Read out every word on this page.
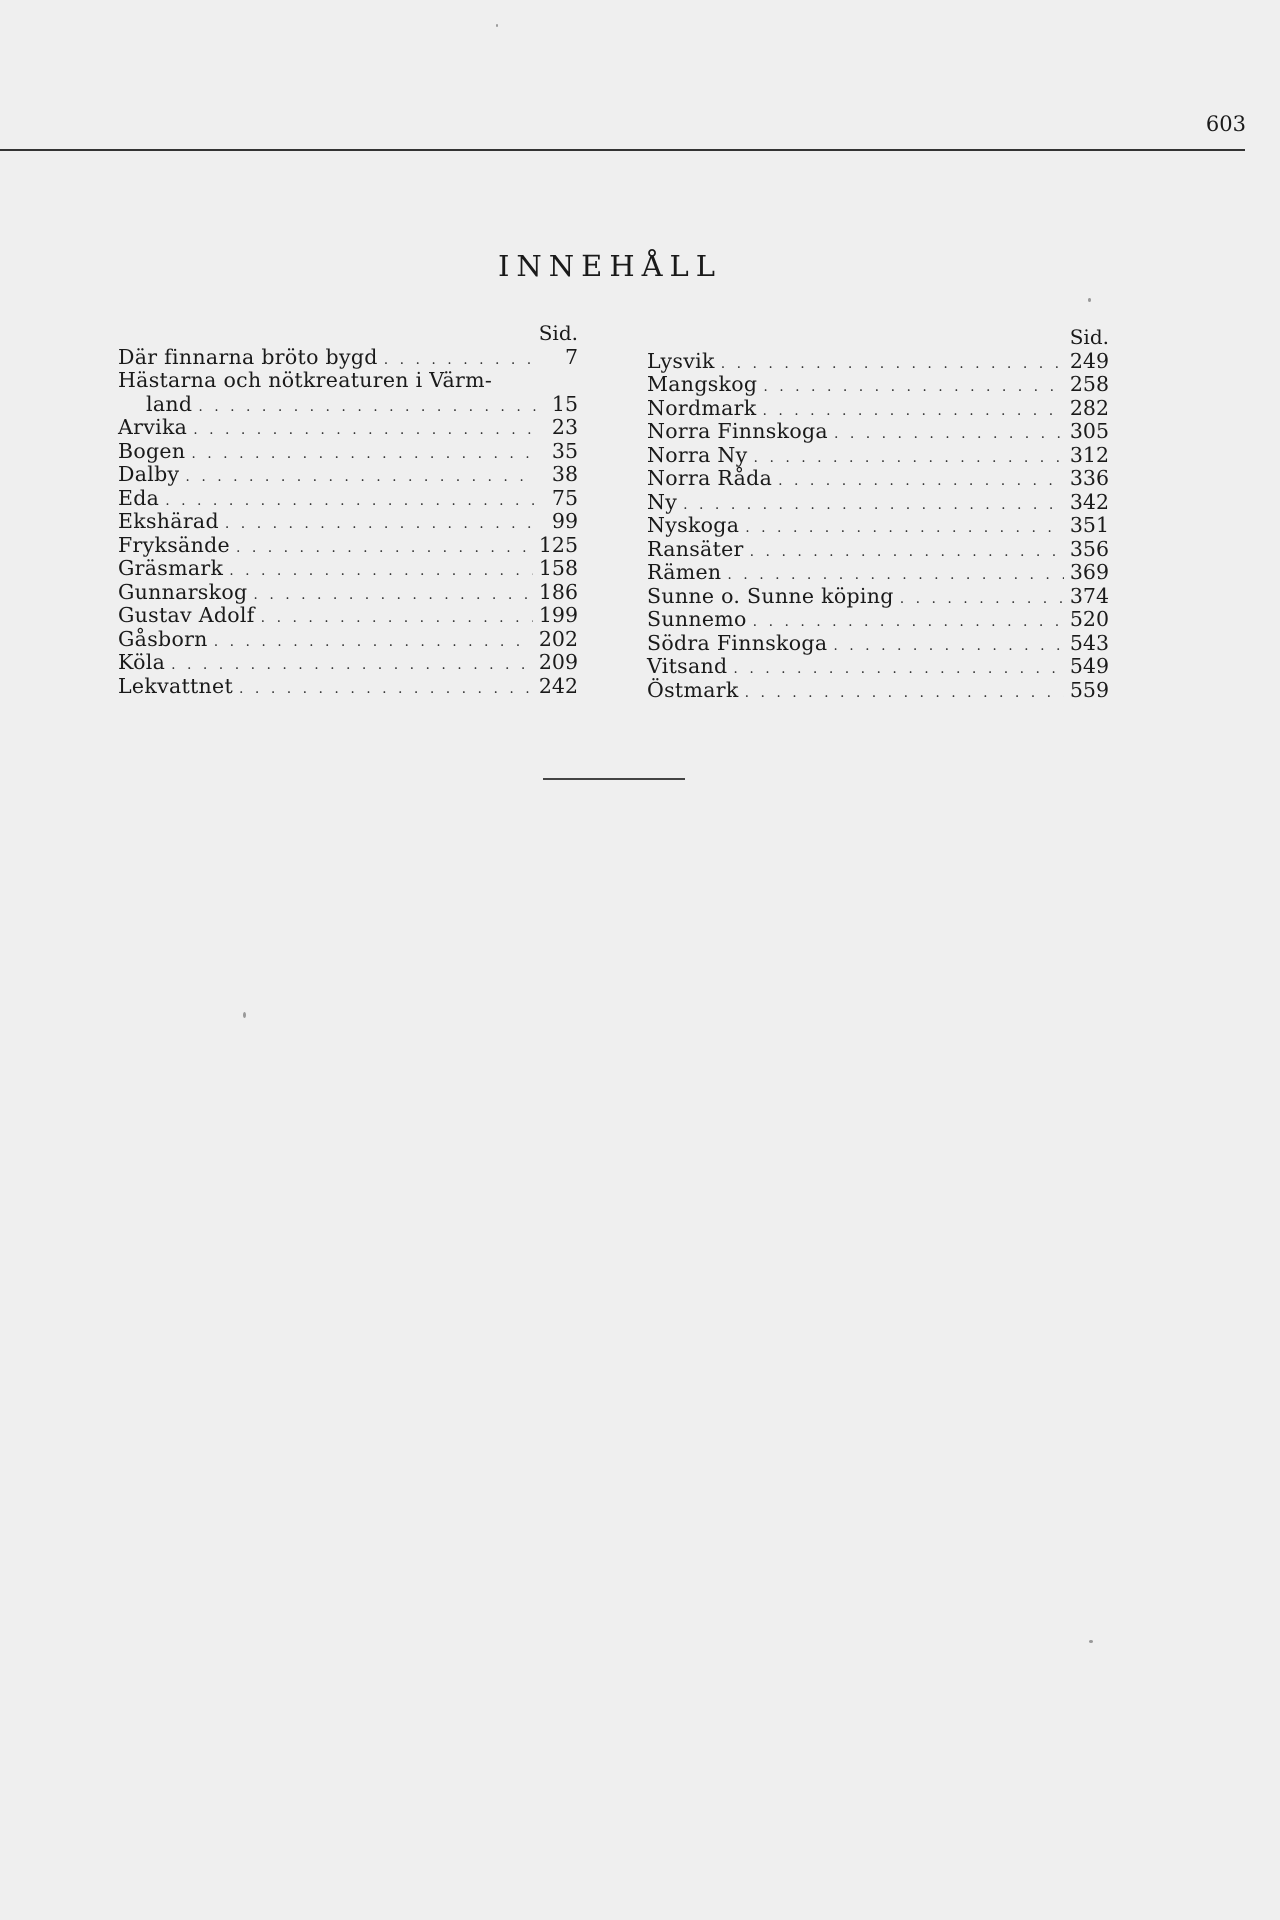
603
INNEHÅLL
Sid.
Där finnarna bröto bygd . . .	7
Hästarna och nötkreaturen i Värm-
land . . .	15
Arvika . . .	23
Bogen . . .	35
Dalby . . .	38
Eda . . .	75
Ekshärad . . .	99
Fryksände . . .	125
Gräsmark . . .	158
Gunnarskog . . .	186
Gustav Adolf . . .	199
Gåsborn . . .	202
Köla . . .	209
Lekvattnet . . .	242
Sid.
Lysvik . . .	249
Mangskog . . .	258
Nordmark . . .	282
Norra Finnskoga . . .	305
Norra Ny . . .	312
Norra Råda . . .	336
Ny . . .	342
Nyskoga . . .	351
Ransäter . . .	356
Rämen . . .	369
Sunne o. Sunne köping . . .	374
Sunnemo . . .	520
Södra Finnskoga . . .	543
Vitsand . . .	549
Östmark . . .	559
